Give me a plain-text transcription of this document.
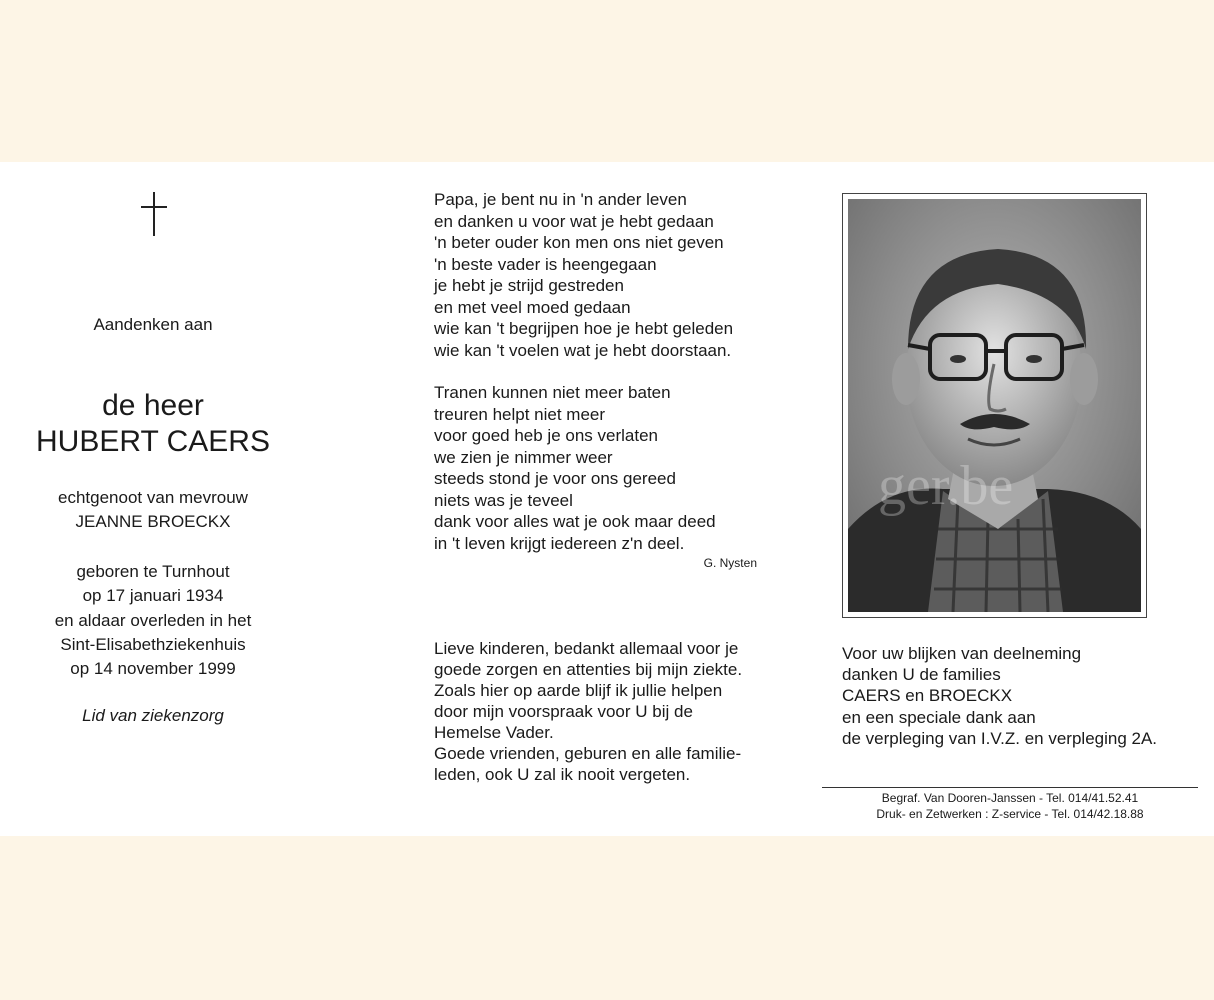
Aandenken aan
de heer
HUBERT CAERS
echtgenoot van mevrouw
JEANNE BROECKX
geboren te Turnhout
op 17 januari 1934
en aldaar overleden in het
Sint-Elisabethziekenhuis
op 14 november 1999
Lid van ziekenzorg
Papa, je bent nu in 'n ander leven
en danken u voor wat je hebt gedaan
'n beter ouder kon men ons niet geven
'n beste vader is heengegaan
je hebt je strijd gestreden
en met veel moed gedaan
wie kan 't begrijpen hoe je hebt geleden
wie kan 't voelen wat je hebt doorstaan.
Tranen kunnen niet meer baten
treuren helpt niet meer
voor goed heb je ons verlaten
we zien je nimmer weer
steeds stond je voor ons gereed
niets was je teveel
dank voor alles wat je ook maar deed
in 't leven krijgt iedereen z'n deel.
G. Nysten
Lieve kinderen, bedankt allemaal voor je
goede zorgen en attenties bij mijn ziekte.
Zoals hier op aarde blijf ik jullie helpen
door mijn voorspraak voor U bij de
Hemelse Vader.
Goede vrienden, geburen en alle familie-
leden, ook U zal ik nooit vergeten.
ger.be
Voor uw blijken van deelneming
danken U de families
CAERS en BROECKX
en een speciale dank aan
de verpleging van I.V.Z. en verpleging 2A.
Begraf. Van Dooren-Janssen - Tel. 014/41.52.41
Druk- en Zetwerken : Z-service - Tel. 014/42.18.88
